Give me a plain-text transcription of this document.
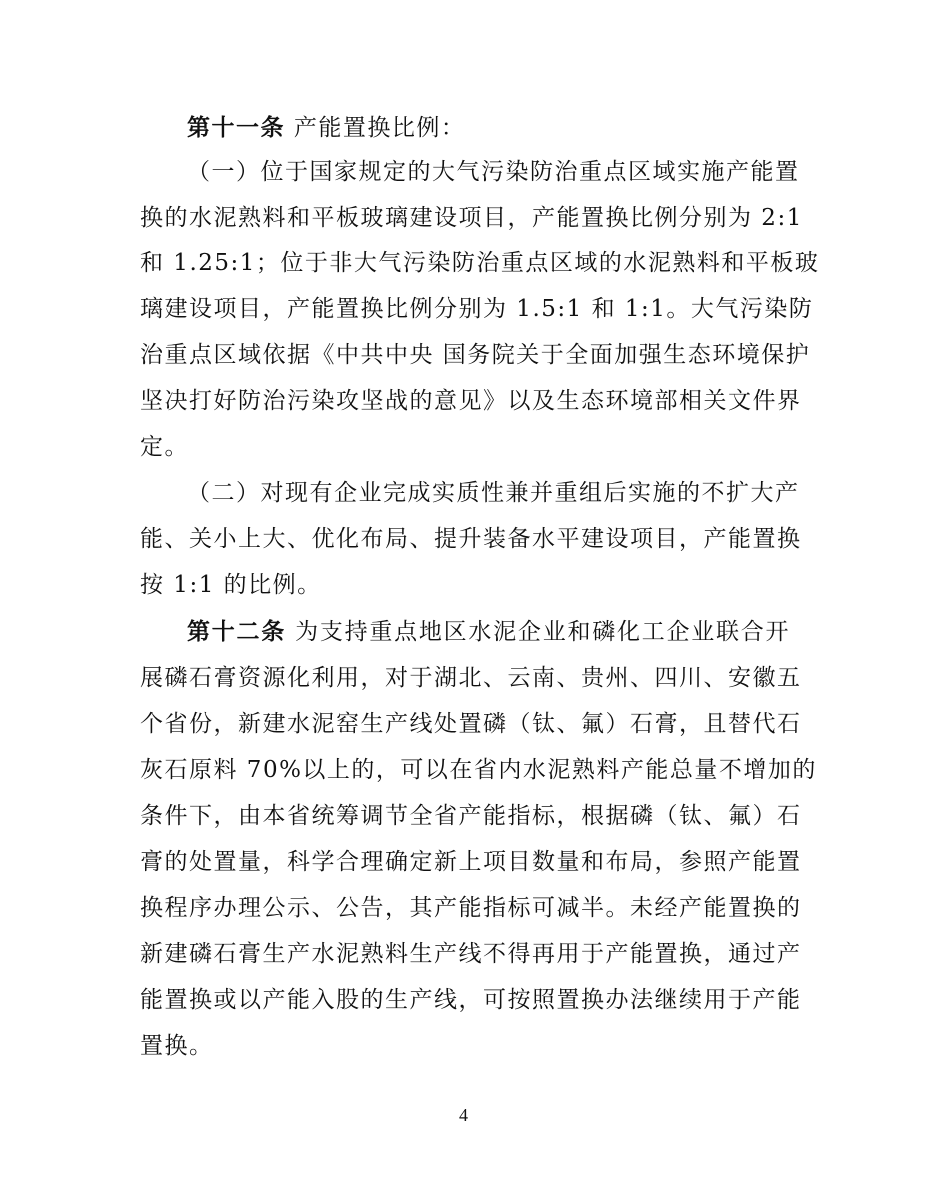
第十一条 产能置换比例：
（一）位于国家规定的大气污染防治重点区域实施产能置
换的水泥熟料和平板玻璃建设项目，产能置换比例分别为 2:1
和 1.25:1；位于非大气污染防治重点区域的水泥熟料和平板玻
璃建设项目，产能置换比例分别为 1.5:1 和 1:1。大气污染防
治重点区域依据《中共中央 国务院关于全面加强生态环境保护
坚决打好防治污染攻坚战的意见》以及生态环境部相关文件界
定。
（二）对现有企业完成实质性兼并重组后实施的不扩大产
能、关小上大、优化布局、提升装备水平建设项目，产能置换
按 1:1 的比例。
第十二条 为支持重点地区水泥企业和磷化工企业联合开
展磷石膏资源化利用，对于湖北、云南、贵州、四川、安徽五
个省份，新建水泥窑生产线处置磷（钛、氟）石膏，且替代石
灰石原料 70%以上的，可以在省内水泥熟料产能总量不增加的
条件下，由本省统筹调节全省产能指标，根据磷（钛、氟）石
膏的处置量，科学合理确定新上项目数量和布局，参照产能置
换程序办理公示、公告，其产能指标可减半。未经产能置换的
新建磷石膏生产水泥熟料生产线不得再用于产能置换，通过产
能置换或以产能入股的生产线，可按照置换办法继续用于产能
置换。
4
